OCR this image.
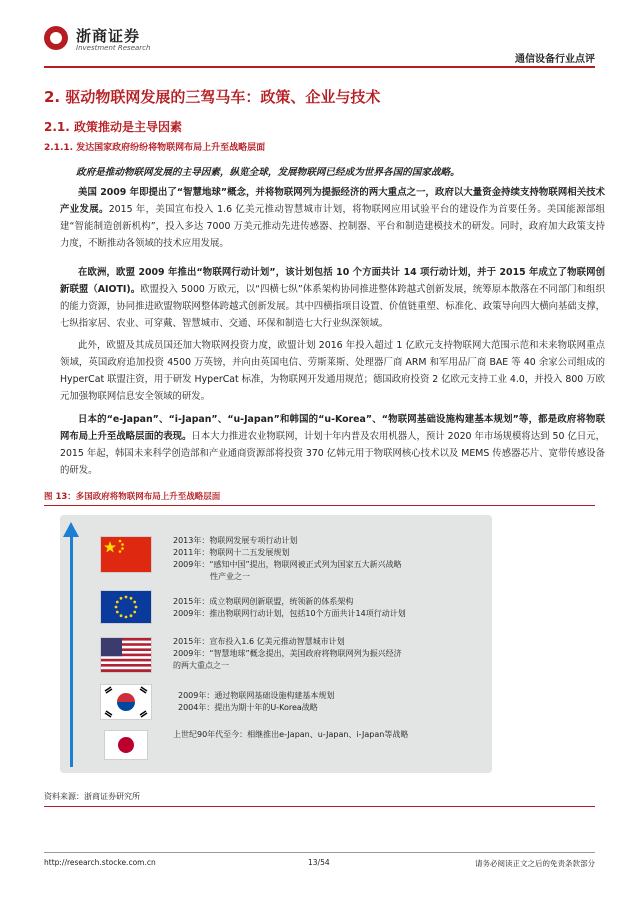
浙商证券
Investment Research
通信设备行业点评
2. 驱动物联网发展的三驾马车：政策、企业与技术
2.1. 政策推动是主导因素
2.1.1. 发达国家政府纷纷将物联网布局上升至战略层面
政府是推动物联网发展的主导因素，纵览全球，发展物联网已经成为世界各国的国家战略。
美国 2009 年即提出了“智慧地球”概念，并将物联网列为提振经济的两大重点之一，政府以大量资金持续支持物联网相关技术产业发展。2015 年，美国宣布投入 1.6 亿美元推动智慧城市计划，将物联网应用试验平台的建设作为首要任务。美国能源部组建“智能制造创新机构”，投入多达 7000 万美元推动先进传感器、控制器、平台和制造建模技术的研发。同时，政府加大政策支持力度，不断推动各领域的技术应用发展。
在欧洲，欧盟 2009 年推出“物联网行动计划”，该计划包括 10 个方面共计 14 项行动计划，并于 2015 年成立了物联网创新联盟（AIOTI)。欧盟投入 5000 万欧元，以“四横七纵”体系架构协同推进整体跨越式创新发展，统筹原本散落在不同部门和组织的能力资源，协同推进欧盟物联网整体跨越式创新发展。其中四横指项目设置、价值链重塑、标准化、政策导向四大横向基础支撑，七纵指家居、农业、可穿戴、智慧城市、交通、环保和制造七大行业纵深领域。
此外，欧盟及其成员国还加大物联网投资力度，欧盟计划 2016 年投入超过 1 亿欧元支持物联网大范围示范和未来物联网重点领域，英国政府追加投资 4500 万英镑，并向由英国电信、劳斯莱斯、处理器厂商 ARM 和军用品厂商 BAE 等 40 余家公司组成的 HyperCat 联盟注资，用于研发 HyperCat 标准，为物联网开发通用规范；德国政府投资 2 亿欧元支持工业 4.0，并投入 800 万欧元加强物联网信息安全领域的研发。
日本的“e-Japan”、“i-Japan”、“u-Japan”和韩国的“u-Korea”、“物联网基础设施构建基本规划”等，都是政府将物联网布局上升至战略层面的表现。日本大力推进农业物联网，计划十年内普及农用机器人，预计 2020 年市场规模将达到 50 亿日元，2015 年起，韩国未来科学创造部和产业通商资源部将投资 370 亿韩元用于物联网核心技术以及 MEMS 传感器芯片、宽带传感设备的研发。
图 13：多国政府将物联网布局上升至战略层面
2013年：物联网发展专项行动计划
2011年：物联网十二五发展规划
2009年：“感知中国”提出，物联网被正式列为国家五大新兴战略
性产业之一
2015年：成立物联网创新联盟，统领新的体系架构
2009年：推出物联网行动计划，包括10个方面共计14项行动计划
2015年：宣布投入1.6 亿美元推动智慧城市计划
2009年：“智慧地球”概念提出，美国政府将物联网列为振兴经济
的两大重点之一
2009年：通过物联网基础设施构建基本规划
2004年：提出为期十年的U-Korea战略
上世纪90年代至今：相继推出e-Japan、u-Japan、i-Japan等战略
资料来源：浙商证券研究所
http://research.stocke.com.cn	13/54	请务必阅读正文之后的免责条款部分
